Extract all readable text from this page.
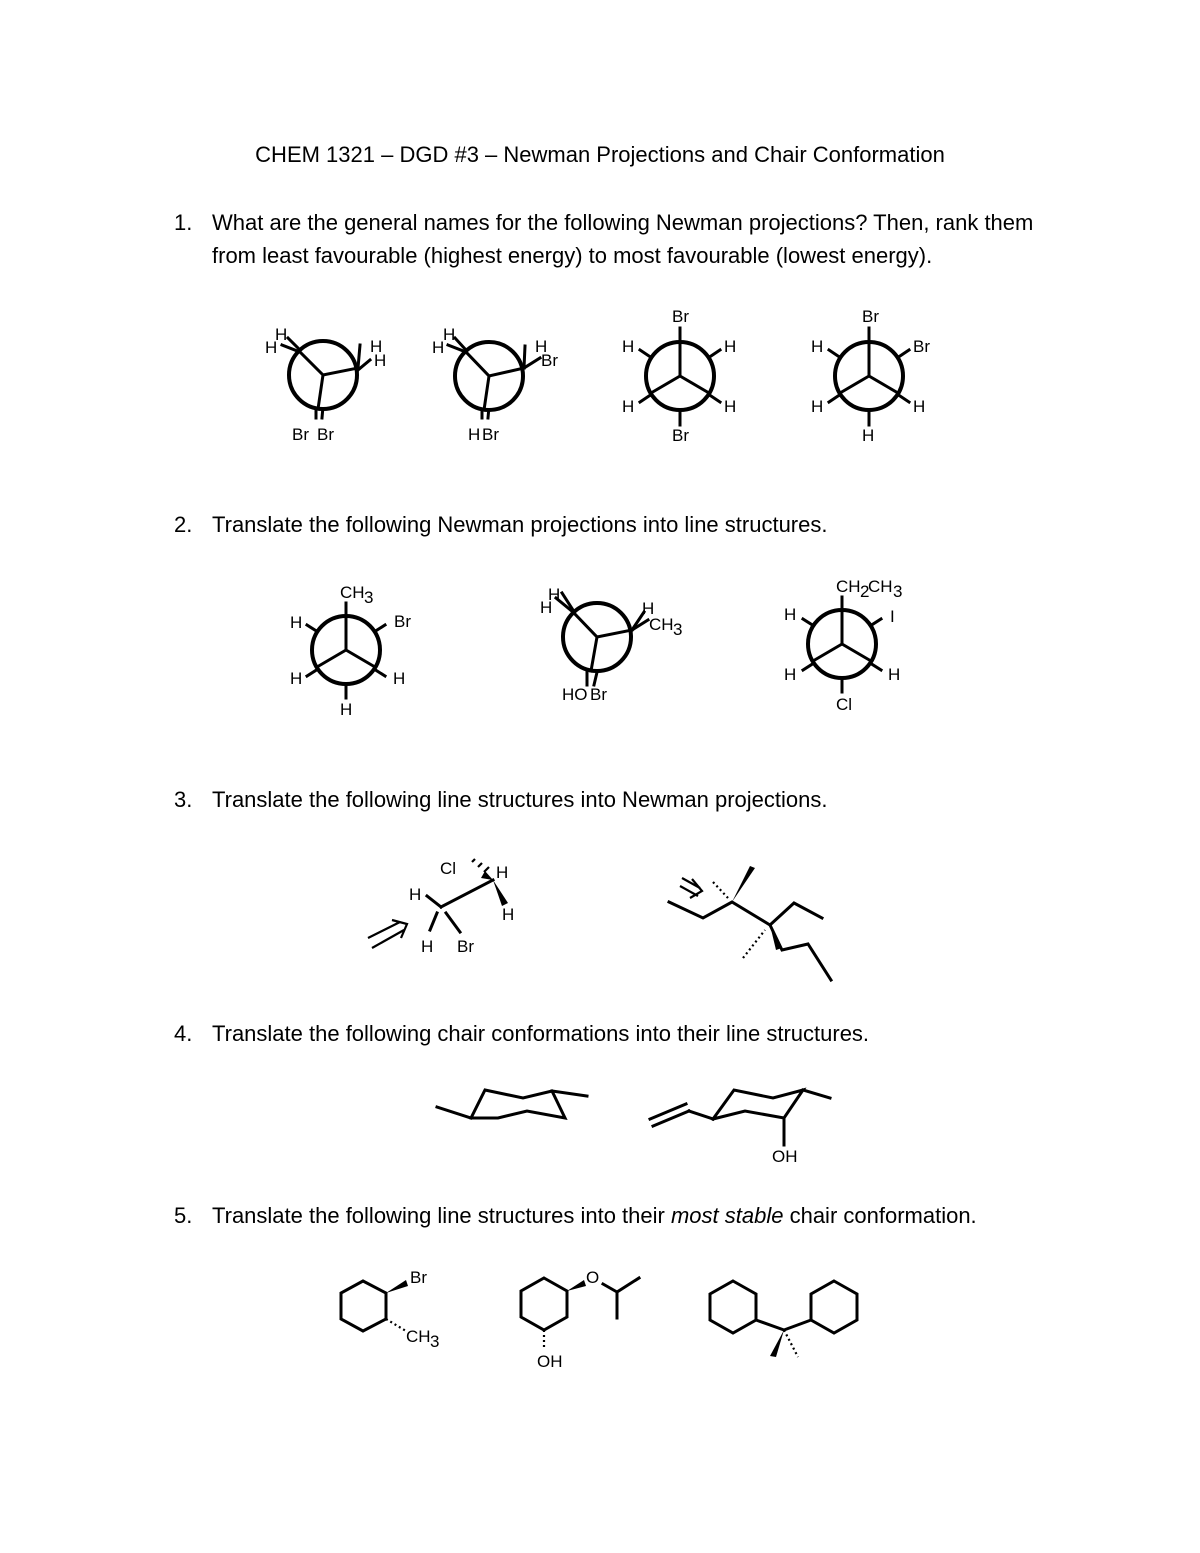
CHEM 1321 – DGD #3 – Newman Projections and Chair Conformation
1. What are the general names for the following Newman projections? Then, rank them from least favourable (highest energy) to most favourable (lowest energy).
2. Translate the following Newman projections into line structures.
3. Translate the following line structures into Newman projections.
4. Translate the following chair conformations into their line structures.
5. Translate the following line structures into their most stable chair conformation.
H
H	H
H
Br Br
H
H	H
Br
H Br
Br
H	H
H	H
Br
Br
H	Br
H	H
H
CH 3
H	Br
H	H
H
H
H	H
CH 3
HO Br
CH 2
CH 3
H	I
H	H
Cl
Cl H
H
H
H Br
OH
Br
CH 3
O
OH
